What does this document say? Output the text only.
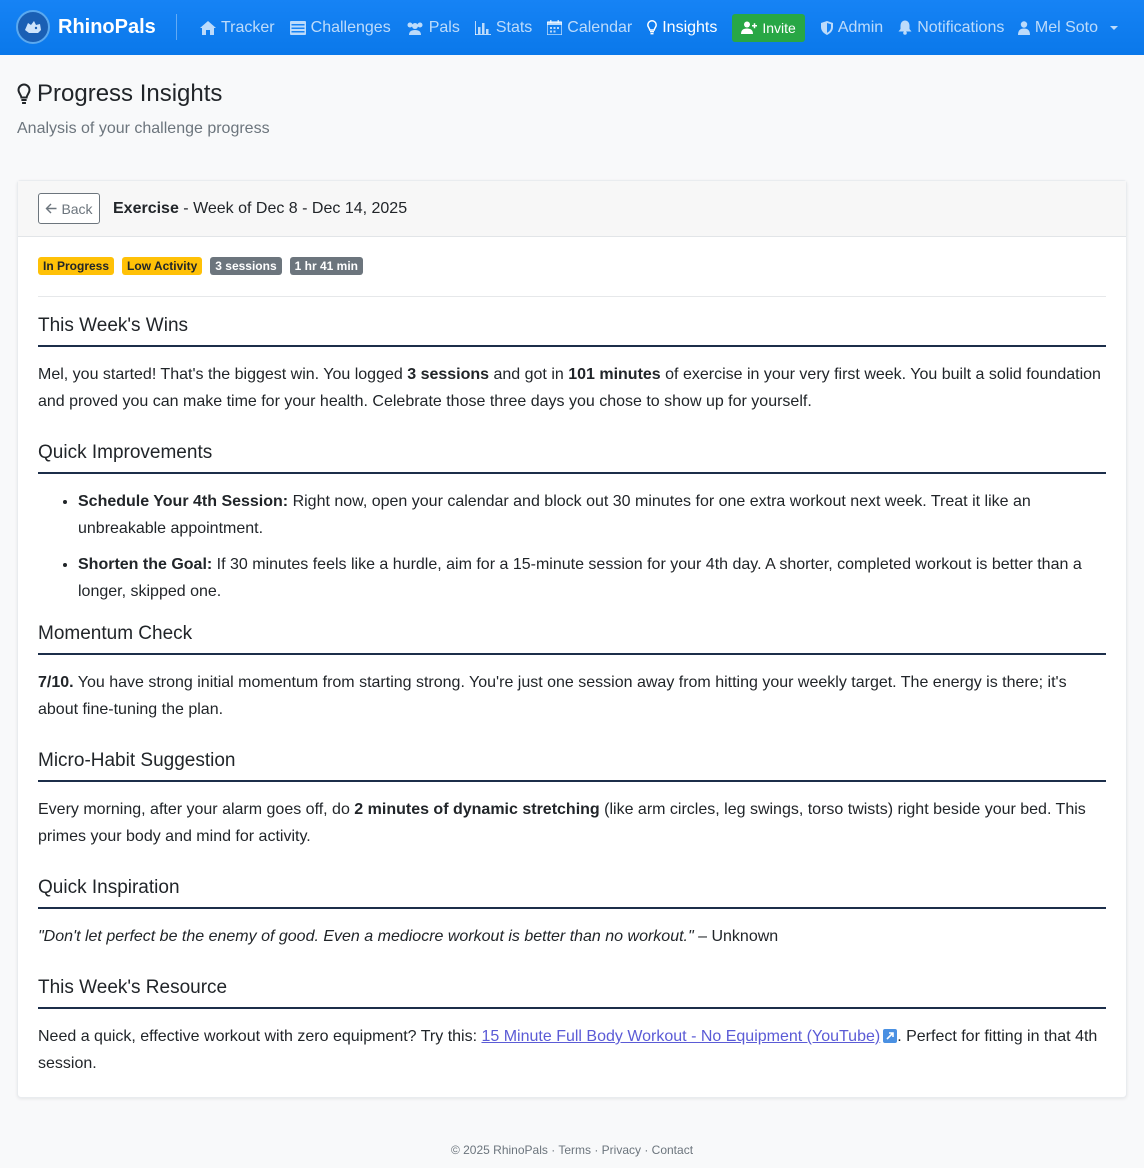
RhinoPals	Tracker Challenges Pals Stats Calendar Insights	Invite	Admin Notifications Mel Soto
Progress Insights
Analysis of your challenge progress
Back Exercise - Week of Dec 8 - Dec 14, 2025
In Progress	Low Activity	3 sessions	1 hr 41 min
This Week's Wins

Mel, you started! That's the biggest win. You logged 3 sessions and got in 101 minutes of exercise in your very first week. You built a solid foundation and proved you can make time for your health. Celebrate those three days you chose to show up for yourself.

Quick Improvements
• Schedule Your 4th Session: Right now, open your calendar and block out 30 minutes for one extra workout next week. Treat it like an unbreakable appointment.
• Shorten the Goal: If 30 minutes feels like a hurdle, aim for a 15-minute session for your 4th day. A shorter, completed workout is better than a longer, skipped one.
Momentum Check

7/10. You have strong initial momentum from starting strong. You're just one session away from hitting your weekly target. The energy is there; it's about fine-tuning the plan.

Micro-Habit Suggestion

Every morning, after your alarm goes off, do 2 minutes of dynamic stretching (like arm circles, leg swings, torso twists) right beside your bed. This primes your body and mind for activity.

Quick Inspiration

"Don't let perfect be the enemy of good. Even a mediocre workout is better than no workout." – Unknown

This Week's Resource

Need a quick, effective workout with zero equipment? Try this: 15 Minute Full Body Workout - No Equipment (YouTube) . Perfect for fitting in that 4th session.

© 2025 RhinoPals · Terms · Privacy · Contact
